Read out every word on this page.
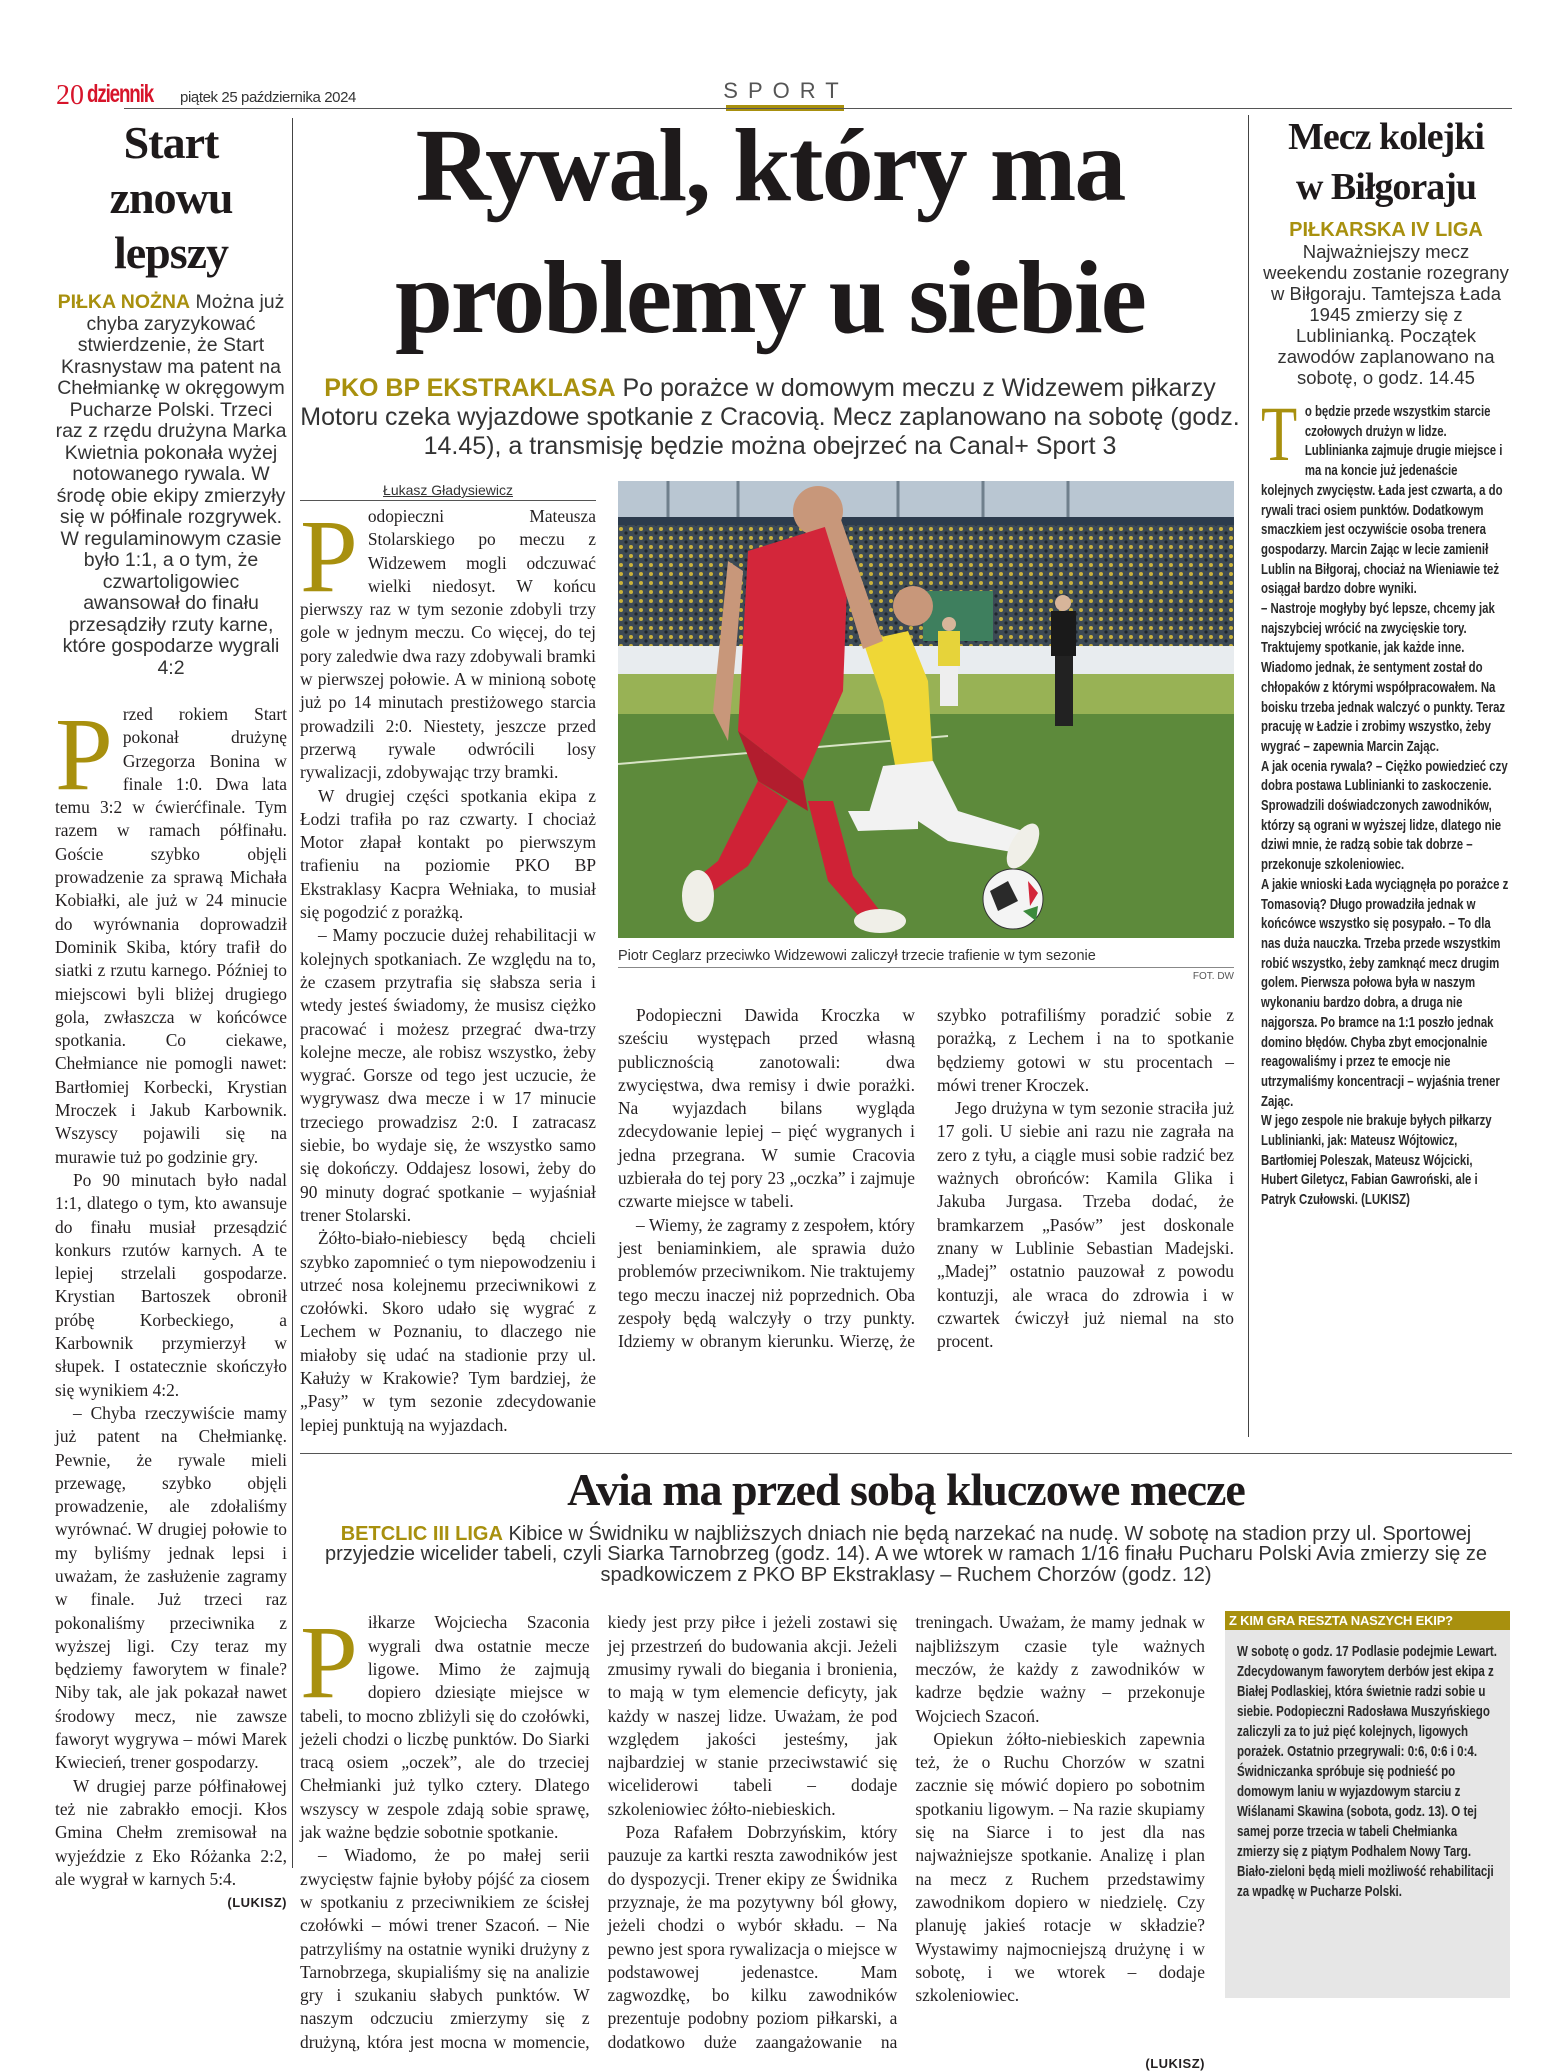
20 dziennik piątek 25 października 2024	SPORT
Start
znowu
lepszy
PIŁKA NOŻNA Można już chyba zaryzykować stwierdzenie, że Start Krasnystaw ma patent na Chełmiankę w okręgowym Pucharze Polski. Trzeci raz z rzędu drużyna Marka Kwietnia pokonała wyżej notowanego rywala. W środę obie ekipy zmierzyły się w półfinale rozgrywek. W regulaminowym czasie było 1:1, a o tym, że czwartoligowiec awansował do finału przesądziły rzuty karne, które gospodarze wygrali 4:2

Przed rokiem Start pokonał drużynę Grzegorza Bonina w finale 1:0. Dwa lata temu 3:2 w ćwierćfinale. Tym razem w ramach półfinału. Goście szybko objęli prowadzenie za sprawą Michała Kobiałki, ale już w 24 minucie do wyrównania doprowadził Dominik Skiba, który trafił do siatki z rzutu karnego. Później to miejscowi byli bliżej drugiego gola, zwłaszcza w końcówce spotkania. Co ciekawe, Chełmiance nie pomogli nawet: Bartłomiej Korbecki, Krystian Mroczek i Jakub Karbownik. Wszyscy pojawili się na murawie tuż po godzinie gry.

Po 90 minutach było nadal 1:1, dlatego o tym, kto awansuje do finału musiał przesądzić konkurs rzutów karnych. A te lepiej strzelali gospodarze. Krystian Bartoszek obronił próbę Korbeckiego, a Karbownik przymierzył w słupek. I ostatecznie skończyło się wynikiem 4:2.

– Chyba rzeczywiście mamy już patent na Chełmiankę. Pewnie, że rywale mieli przewagę, szybko objęli prowadzenie, ale zdołaliśmy wyrównać. W drugiej połowie to my byliśmy jednak lepsi i uważam, że zasłużenie zagramy w finale. Już trzeci raz pokonaliśmy przeciwnika z wyższej ligi. Czy teraz my będziemy faworytem w finale? Niby tak, ale jak pokazał nawet środowy mecz, nie zawsze faworyt wygrywa – mówi Marek Kwiecień, trener gospodarzy.

W drugiej parze półfinałowej też nie zabrakło emocji. Kłos Gmina Chełm zremisował na wyjeździe z Eko Różanka 2:2, ale wygrał w karnych 5:4.

(LUKISZ)
Rywal, który ma
problemy u siebie
PKO BP EKSTRAKLASA Po porażce w domowym meczu z Widzewem piłkarzy Motoru czeka wyjazdowe spotkanie z Cracovią. Mecz zaplanowano na sobotę (godz. 14.45), a transmisję będzie można obejrzeć na Canal+ Sport 3
Łukasz Gładysiewicz

Podopieczni Mateusza Stolarskiego po meczu z Widzewem mogli odczuwać wielki niedosyt. W końcu pierwszy raz w tym sezonie zdobyli trzy gole w jednym meczu. Co więcej, do tej pory zaledwie dwa razy zdobywali bramki w pierwszej połowie. A w minioną sobotę już po 14 minutach prestiżowego starcia prowadzili 2:0. Niestety, jeszcze przed przerwą rywale odwrócili losy rywalizacji, zdobywając trzy bramki.

W drugiej części spotkania ekipa z Łodzi trafiła po raz czwarty. I chociaż Motor złapał kontakt po pierwszym trafieniu na poziomie PKO BP Ekstraklasy Kacpra Wełniaka, to musiał się pogodzić z porażką.

– Mamy poczucie dużej rehabilitacji w kolejnych spotkaniach. Ze względu na to, że czasem przytrafia się słabsza seria i wtedy jesteś świadomy, że musisz ciężko pracować i możesz przegrać dwa-trzy kolejne mecze, ale robisz wszystko, żeby wygrać. Gorsze od tego jest uczucie, że wygrywasz dwa mecze i w 17 minucie trzeciego prowadzisz 2:0. I zatracasz siebie, bo wydaje się, że wszystko samo się dokończy. Oddajesz losowi, żeby do 90 minuty dograć spotkanie – wyjaśniał trener Stolarski.

Żółto-biało-niebiescy będą chcieli szybko zapomnieć o tym niepowodzeniu i utrzeć nosa kolejnemu przeciwnikowi z czołówki. Skoro udało się wygrać z Lechem w Poznaniu, to dlaczego nie miałoby się udać na stadionie przy ul. Kałuży w Krakowie? Tym bardziej, że „Pasy” w tym sezonie zdecydowanie lepiej punktują na wyjazdach.

Piotr Ceglarz przeciwko Widzewowi zaliczył trzecie trafienie w tym sezonie
FOT. DW

Podopieczni Dawida Kroczka w sześciu występach przed własną publicznością zanotowali: dwa zwycięstwa, dwa remisy i dwie porażki. Na wyjazdach bilans wygląda zdecydowanie lepiej – pięć wygranych i jedna przegrana. W sumie Cracovia uzbierała do tej pory 23 „oczka” i zajmuje czwarte miejsce w tabeli.

– Wiemy, że zagramy z zespołem, który jest beniaminkiem, ale sprawia dużo problemów przeciwnikom. Nie traktujemy tego meczu inaczej niż poprzednich. Oba zespoły będą walczyły o trzy punkty. Idziemy w obranym kierunku. Wierzę, że szybko potrafiliśmy poradzić sobie z porażką, z Lechem i na to spotkanie będziemy gotowi w stu procentach – mówi trener Kroczek.

Jego drużyna w tym sezonie straciła już 17 goli. U siebie ani razu nie zagrała na zero z tyłu, a ciągle musi sobie radzić bez ważnych obrońców: Kamila Glika i Jakuba Jurgasa. Trzeba dodać, że bramkarzem „Pasów” jest doskonale znany w Lublinie Sebastian Madejski. „Madej” ostatnio pauzował z powodu kontuzji, ale wraca do zdrowia i w czwartek ćwiczył już niemal na sto procent.

Mecz kolejki
w Biłgoraju
PIŁKARSKA IV LIGA
Najważniejszy mecz weekendu zostanie rozegrany w Biłgoraju. Tamtejsza Łada 1945 zmierzy się z Lublinianką. Początek zawodów zaplanowano na sobotę, o godz. 14.45

To będzie przede wszystkim starcie czołowych drużyn w lidze. Lublinianka zajmuje drugie miejsce i ma na koncie już jedenaście kolejnych zwycięstw. Łada jest czwarta, a do rywali traci osiem punktów. Dodatkowym smaczkiem jest oczywiście osoba trenera gospodarzy. Marcin Zając w lecie zamienił Lublin na Biłgoraj, chociaż na Wieniawie też osiągał bardzo dobre wyniki.

– Nastroje mogłyby być lepsze, chcemy jak najszybciej wrócić na zwycięskie tory. Traktujemy spotkanie, jak każde inne. Wiadomo jednak, że sentyment został do chłopaków z którymi współpracowałem. Na boisku trzeba jednak walczyć o punkty. Teraz pracuję w Ładzie i zrobimy wszystko, żeby wygrać – zapewnia Marcin Zając.

A jak ocenia rywala? – Ciężko powiedzieć czy dobra postawa Lublinianki to zaskoczenie. Sprowadzili doświadczonych zawodników, którzy są ograni w wyższej lidze, dlatego nie dziwi mnie, że radzą sobie tak dobrze – przekonuje szkoleniowiec.

A jakie wnioski Łada wyciągnęła po porażce z Tomasovią? Długo prowadziła jednak w końcówce wszystko się posypało. – To dla nas duża nauczka. Trzeba przede wszystkim robić wszystko, żeby zamknąć mecz drugim golem. Pierwsza połowa była w naszym wykonaniu bardzo dobra, a druga nie najgorsza. Po bramce na 1:1 poszło jednak domino błędów. Chyba zbyt emocjonalnie reagowaliśmy i przez te emocje nie utrzymaliśmy koncentracji – wyjaśnia trener Zając.

W jego zespole nie brakuje byłych piłkarzy Lublinianki, jak: Mateusz Wójtowicz, Bartłomiej Poleszak, Mateusz Wójcicki, Hubert Giletycz, Fabian Gawroński, ale i Patryk Czułowski. (LUKISZ)

Avia ma przed sobą kluczowe mecze
BETCLIC III LIGA Kibice w Świdniku w najbliższych dniach nie będą narzekać na nudę. W sobotę na stadion przy ul. Sportowej przyjedzie wicelider tabeli, czyli Siarka Tarnobrzeg (godz. 14). A we wtorek w ramach 1/16 finału Pucharu Polski Avia zmierzy się ze spadkowiczem z PKO BP Ekstraklasy – Ruchem Chorzów (godz. 12)

Piłkarze Wojciecha Szaconia wygrali dwa ostatnie mecze ligowe. Mimo że zajmują dopiero dziesiąte miejsce w tabeli, to mocno zbliżyli się do czołówki, jeżeli chodzi o liczbę punktów. Do Siarki tracą osiem „oczek”, ale do trzeciej Chełmianki już tylko cztery. Dlatego wszyscy w zespole zdają sobie sprawę, jak ważne będzie sobotnie spotkanie.

– Wiadomo, że po małej serii zwycięstw fajnie byłoby pójść za ciosem w spotkaniu z przeciwnikiem ze ścisłej czołówki – mówi trener Szacoń. – Nie patrzyliśmy na ostatnie wyniki drużyny z Tarnobrzega, skupialiśmy się na analizie gry i szukaniu słabych punktów. W naszym odczuciu zmierzymy się z drużyną, która jest mocna w momencie, kiedy jest przy piłce i jeżeli zostawi się jej przestrzeń do budowania akcji. Jeżeli zmusimy rywali do biegania i bronienia, to mają w tym elemencie deficyty, jak każdy w naszej lidze. Uważam, że pod względem jakości jesteśmy, jak najbardziej w stanie przeciwstawić się wiceliderowi tabeli – dodaje szkoleniowiec żółto-niebieskich.

Poza Rafałem Dobrzyńskim, który pauzuje za kartki reszta zawodników jest do dyspozycji. Trener ekipy ze Świdnika przyznaje, że ma pozytywny ból głowy, jeżeli chodzi o wybór składu. – Na pewno jest spora rywalizacja o miejsce w podstawowej jedenastce. Mam zagwozdkę, bo kilku zawodników prezentuje podobny poziom piłkarski, a dodatkowo duże zaangażowanie na treningach. Uważam, że mamy jednak w najbliższym czasie tyle ważnych meczów, że każdy z zawodników w kadrze będzie ważny – przekonuje Wojciech Szacoń.

Opiekun żółto-niebieskich zapewnia też, że o Ruchu Chorzów w szatni zacznie się mówić dopiero po sobotnim spotkaniu ligowym. – Na razie skupiamy się na Siarce i to jest dla nas najważniejsze spotkanie. Analizę i plan na mecz z Ruchem przedstawimy zawodnikom dopiero w niedzielę. Czy planuję jakieś rotacje w składzie? Wystawimy najmocniejszą drużynę i w sobotę, i we wtorek – dodaje szkoleniowiec.

(LUKISZ)
Z KIM GRA RESZTA NASZYCH EKIP?
W sobotę o godz. 17 Podlasie podejmie Lewart. Zdecydowanym faworytem derbów jest ekipa z Białej Podlaskiej, która świetnie radzi sobie u siebie. Podopieczni Radosława Muszyńskiego zaliczyli za to już pięć kolejnych, ligowych porażek. Ostatnio przegrywali: 0:6, 0:6 i 0:4. Świdniczanka spróbuje się podnieść po domowym laniu w wyjazdowym starciu z Wiślanami Skawina (sobota, godz. 13). O tej samej porze trzecia w tabeli Chełmianka zmierzy się z piątym Podhalem Nowy Targ. Biało-zieloni będą mieli możliwość rehabilitacji za wpadkę w Pucharze Polski.
